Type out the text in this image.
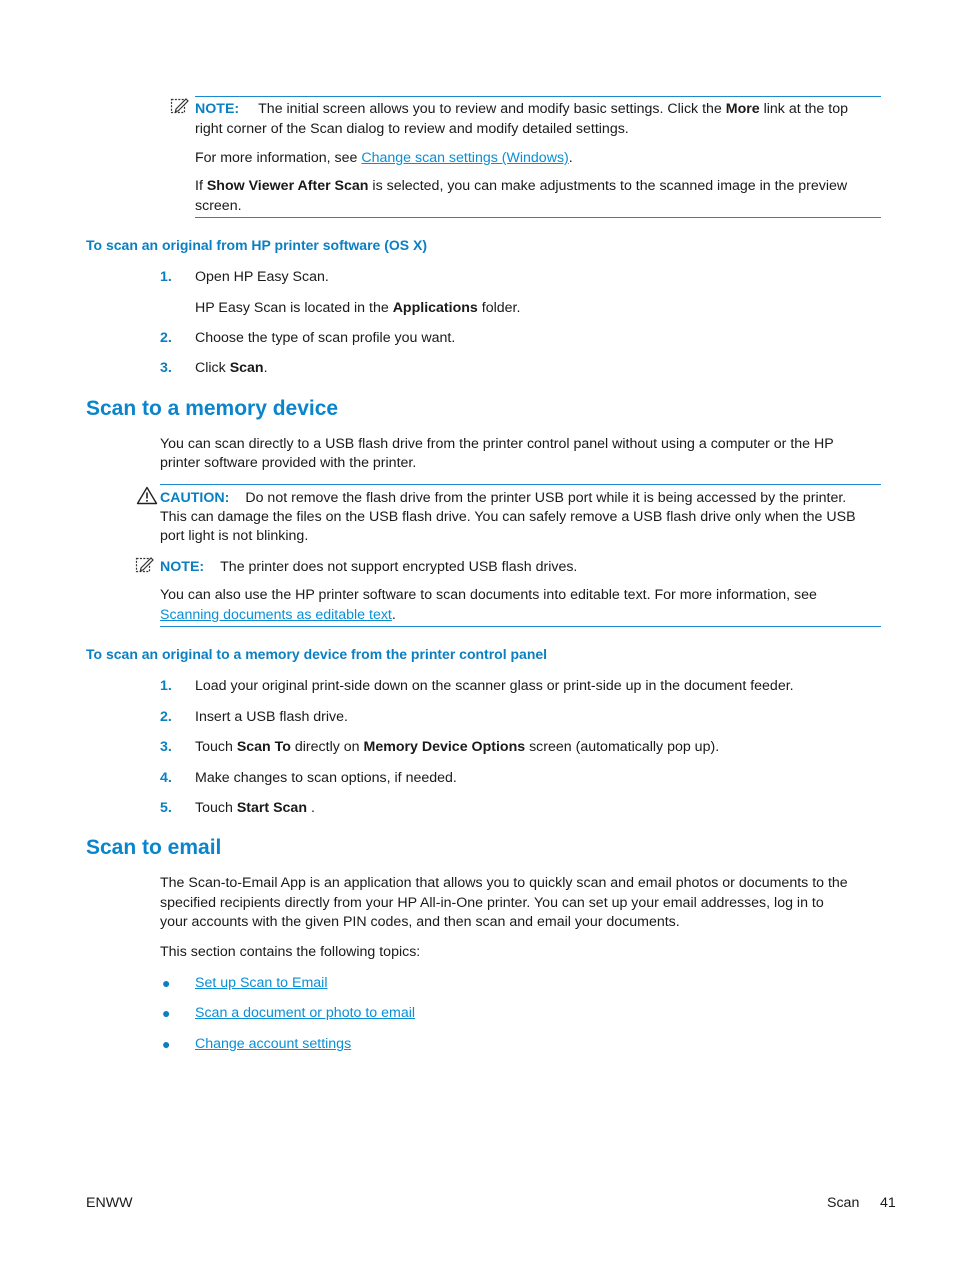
NOTE: The initial screen allows you to review and modify basic settings. Click the More link at the top
right corner of the Scan dialog to review and modify detailed settings.
For more information, see Change scan settings (Windows).
If Show Viewer After Scan is selected, you can make adjustments to the scanned image in the preview
screen.
To scan an original from HP printer software (OS X)
1. Open HP Easy Scan.
HP Easy Scan is located in the Applications folder.
2. Choose the type of scan profile you want.
3. Click Scan.
Scan to a memory device
You can scan directly to a USB flash drive from the printer control panel without using a computer or the HP
printer software provided with the printer.
CAUTION: Do not remove the flash drive from the printer USB port while it is being accessed by the printer.
This can damage the files on the USB flash drive. You can safely remove a USB flash drive only when the USB
port light is not blinking.
NOTE: The printer does not support encrypted USB flash drives.
You can also use the HP printer software to scan documents into editable text. For more information, see
Scanning documents as editable text.
To scan an original to a memory device from the printer control panel
1. Load your original print-side down on the scanner glass or print-side up in the document feeder.
2. Insert a USB flash drive.
3. Touch Scan To directly on Memory Device Options screen (automatically pop up).
4. Make changes to scan options, if needed.
5. Touch Start Scan .
Scan to email
The Scan-to-Email App is an application that allows you to quickly scan and email photos or documents to the
specified recipients directly from your HP All-in-One printer. You can set up your email addresses, log in to
your accounts with the given PIN codes, and then scan and email your documents.
This section contains the following topics:
● Set up Scan to Email
● Scan a document or photo to email
● Change account settings
ENWW	Scan 41
